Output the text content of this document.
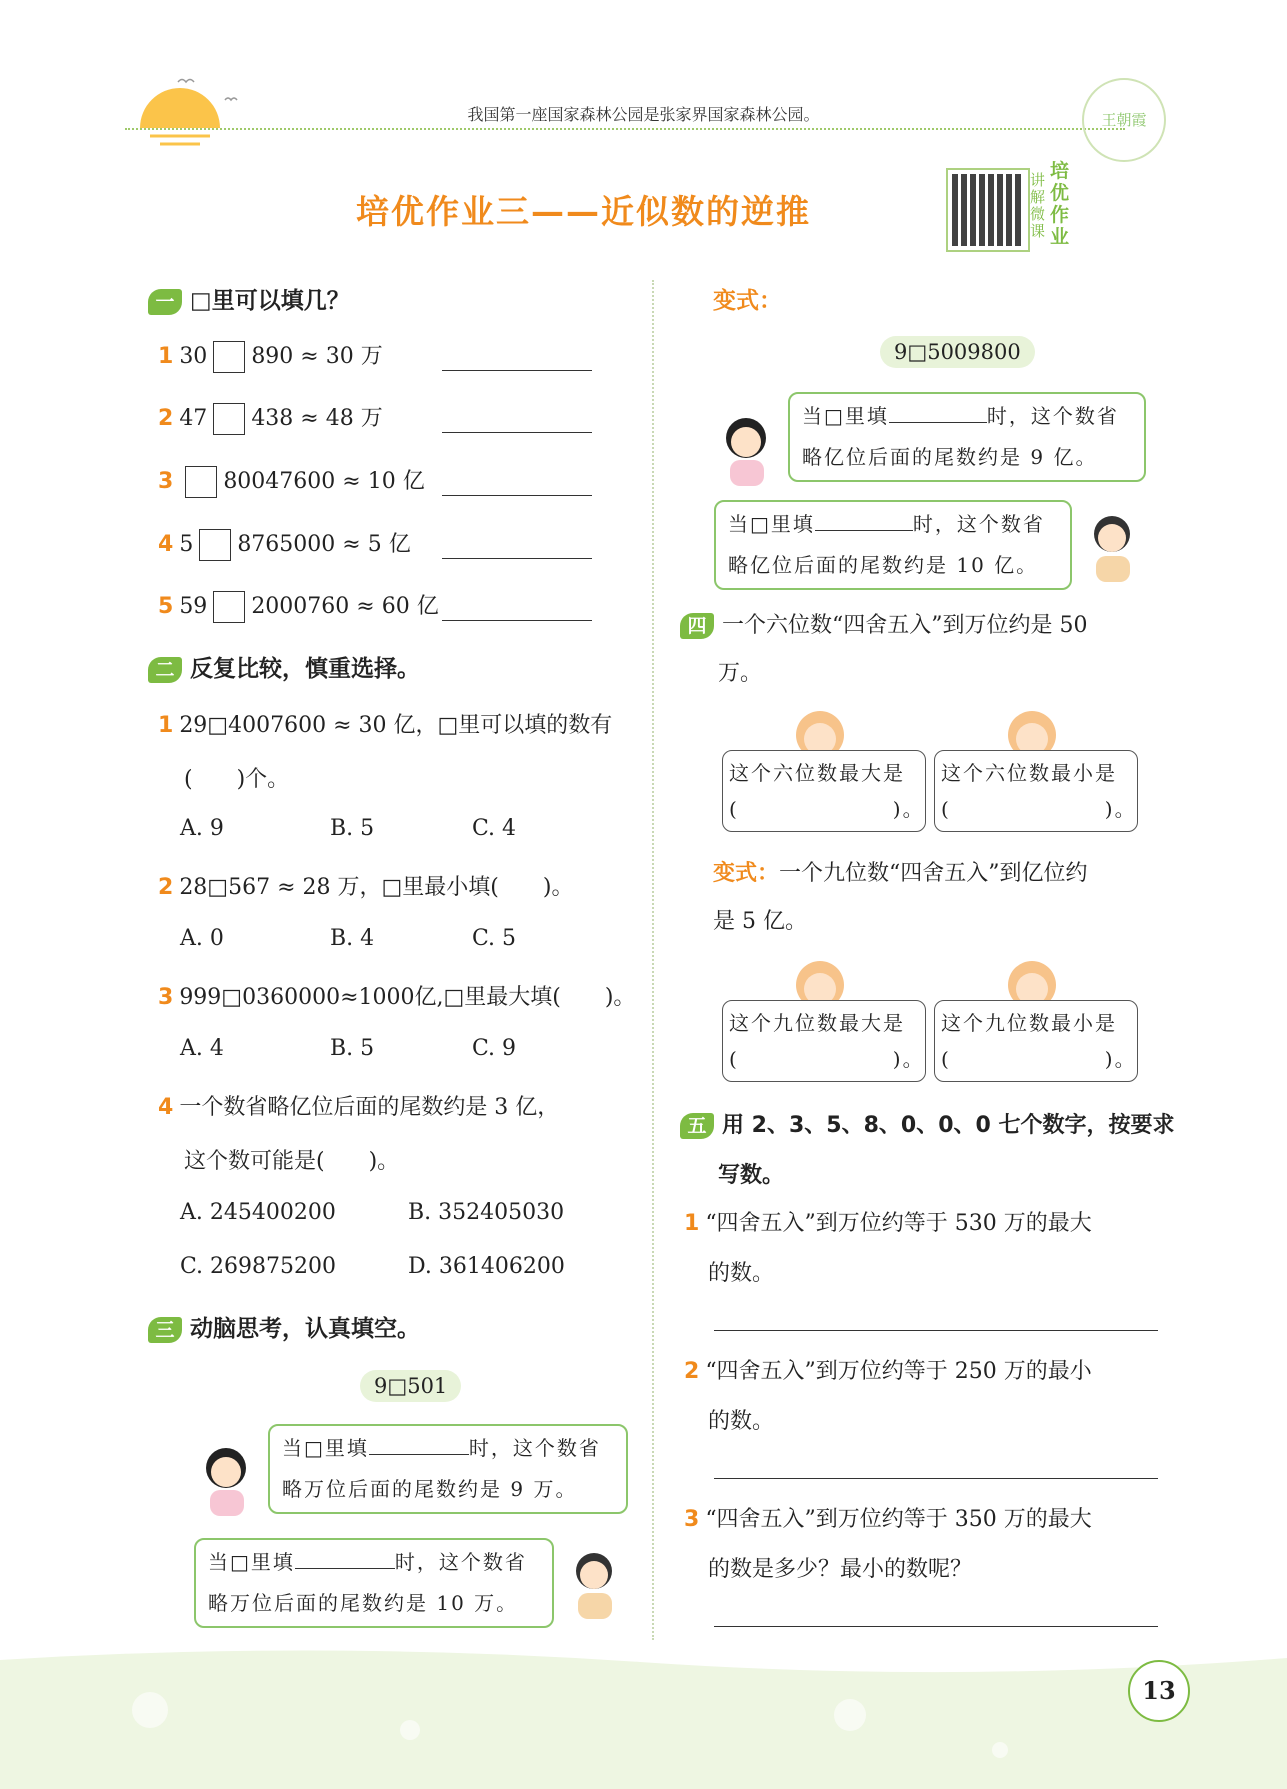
我国第一座国家森林公园是张家界国家森林公园。	王朝霞
培优作业三——近似数的逆推
讲解微课
培优作业
一 □里可以填几？
1 30 890 ≈ 30 万
2 47 438 ≈ 48 万
3 80047600 ≈ 10 亿
4 5 8765000 ≈ 5 亿
5 59 2000760 ≈ 60 亿
二 反复比较，慎重选择。
1 29□4007600 ≈ 30 亿，□里可以填的数有
(　　)个。
A. 9	B. 5	C. 4
2 28□567 ≈ 28 万，□里最小填(　　)。
A. 0	B. 4	C. 5
3 999□0360000≈1000亿,□里最大填(　　)。
A. 4	B. 5	C. 9
4 一个数省略亿位后面的尾数约是 3 亿，
这个数可能是(　　)。
A. 245400200	B. 352405030
C. 269875200	D. 361406200
三 动脑思考，认真填空。
9□501
当□里填	时，这个数省
略万位后面的尾数约是 9 万。
当□里填	时，这个数省
略万位后面的尾数约是 10 万。
变式：
9□5009800
当□里填	时，这个数省
略亿位后面的尾数约是 9 亿。
当□里填	时，这个数省
略亿位后面的尾数约是 10 亿。
四 一个六位数“四舍五入”到万位约是 50
万。
这个六位数最大是
(　　　　　　　)。
这个六位数最小是
(　　　　　　　)。
变式：一个九位数“四舍五入”到亿位约
是 5 亿。
这个九位数最大是
(　　　　　　　)。
这个九位数最小是
(　　　　　　　)。
五 用 2、3、5、8、0、0、0 七个数字，按要求
写数。
1 “四舍五入”到万位约等于 530 万的最大
的数。
2 “四舍五入”到万位约等于 250 万的最小
的数。
3 “四舍五入”到万位约等于 350 万的最大
的数是多少？最小的数呢？
13
